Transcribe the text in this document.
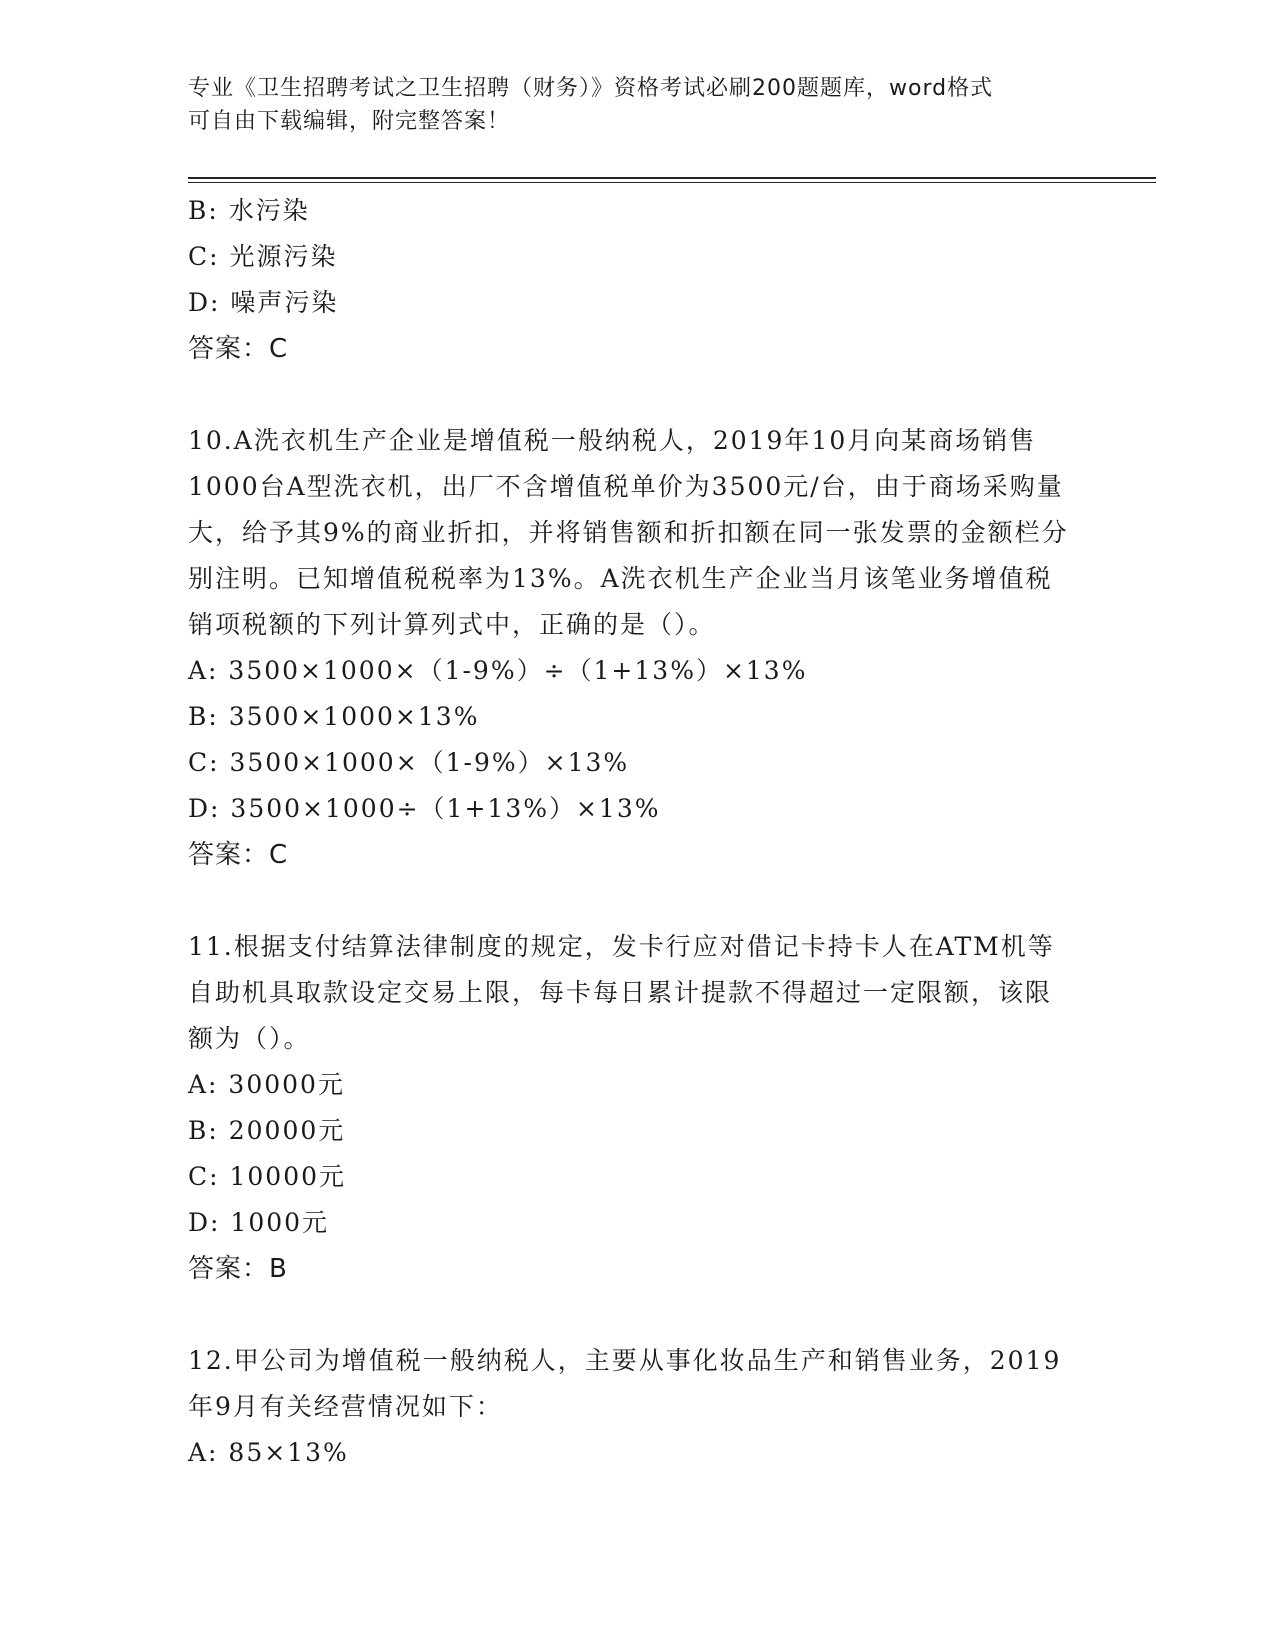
专业《卫生招聘考试之卫生招聘（财务）》资格考试必刷200题题库，word格式
可自由下载编辑，附完整答案！
B: 水污染
C: 光源污染
D: 噪声污染
答案：C
10.A洗衣机生产企业是增值税一般纳税人，2019年10月向某商场销售1000台A型洗衣机，出厂不含增值税单价为3500元/台，由于商场采购量大，给予其9%的商业折扣，并将销售额和折扣额在同一张发票的金额栏分别注明。已知增值税税率为13%。A洗衣机生产企业当月该笔业务增值税销项税额的下列计算列式中，正确的是（）。
A: 3500×1000×（1-9%）÷（1+13%）×13%
B: 3500×1000×13%
C: 3500×1000×（1-9%）×13%
D: 3500×1000÷（1+13%）×13%
答案：C
11.根据支付结算法律制度的规定，发卡行应对借记卡持卡人在ATM机等自助机具取款设定交易上限，每卡每日累计提款不得超过一定限额，该限额为（）。
A: 30000元
B: 20000元
C: 10000元
D: 1000元
答案：B
12.甲公司为增值税一般纳税人，主要从事化妆品生产和销售业务，2019年9月有关经营情况如下：
A: 85×13%
